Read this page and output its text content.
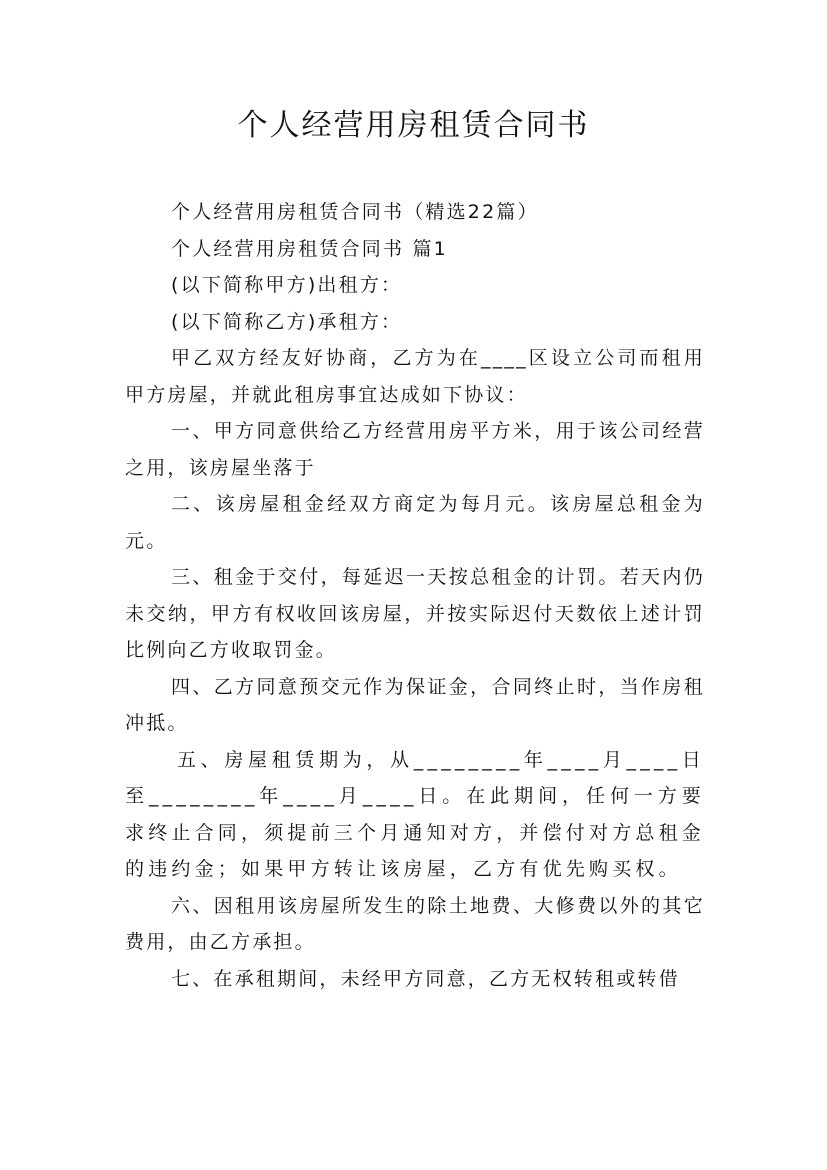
个人经营用房租赁合同书

个人经营用房租赁合同书（精选22篇）

个人经营用房租赁合同书 篇1

(以下简称甲方)出租方：

(以下简称乙方)承租方：

甲乙双方经友好协商，乙方为在____区设立公司而租用甲方房屋，并就此租房事宜达成如下协议：

一、甲方同意供给乙方经营用房平方米，用于该公司经营之用，该房屋坐落于

二、该房屋租金经双方商定为每月元。该房屋总租金为元。

三、租金于交付，每延迟一天按总租金的计罚。若天内仍未交纳，甲方有权收回该房屋，并按实际迟付天数依上述计罚比例向乙方收取罚金。

四、乙方同意预交元作为保证金，合同终止时，当作房租冲抵。

五、房屋租赁期为，从________年____月____日至________年____月____日。在此期间，任何一方要求终止合同，须提前三个月通知对方，并偿付对方总租金的违约金；如果甲方转让该房屋，乙方有优先购买权。

六、因租用该房屋所发生的除土地费、大修费以外的其它费用，由乙方承担。

七、在承租期间，未经甲方同意，乙方无权转租或转借
